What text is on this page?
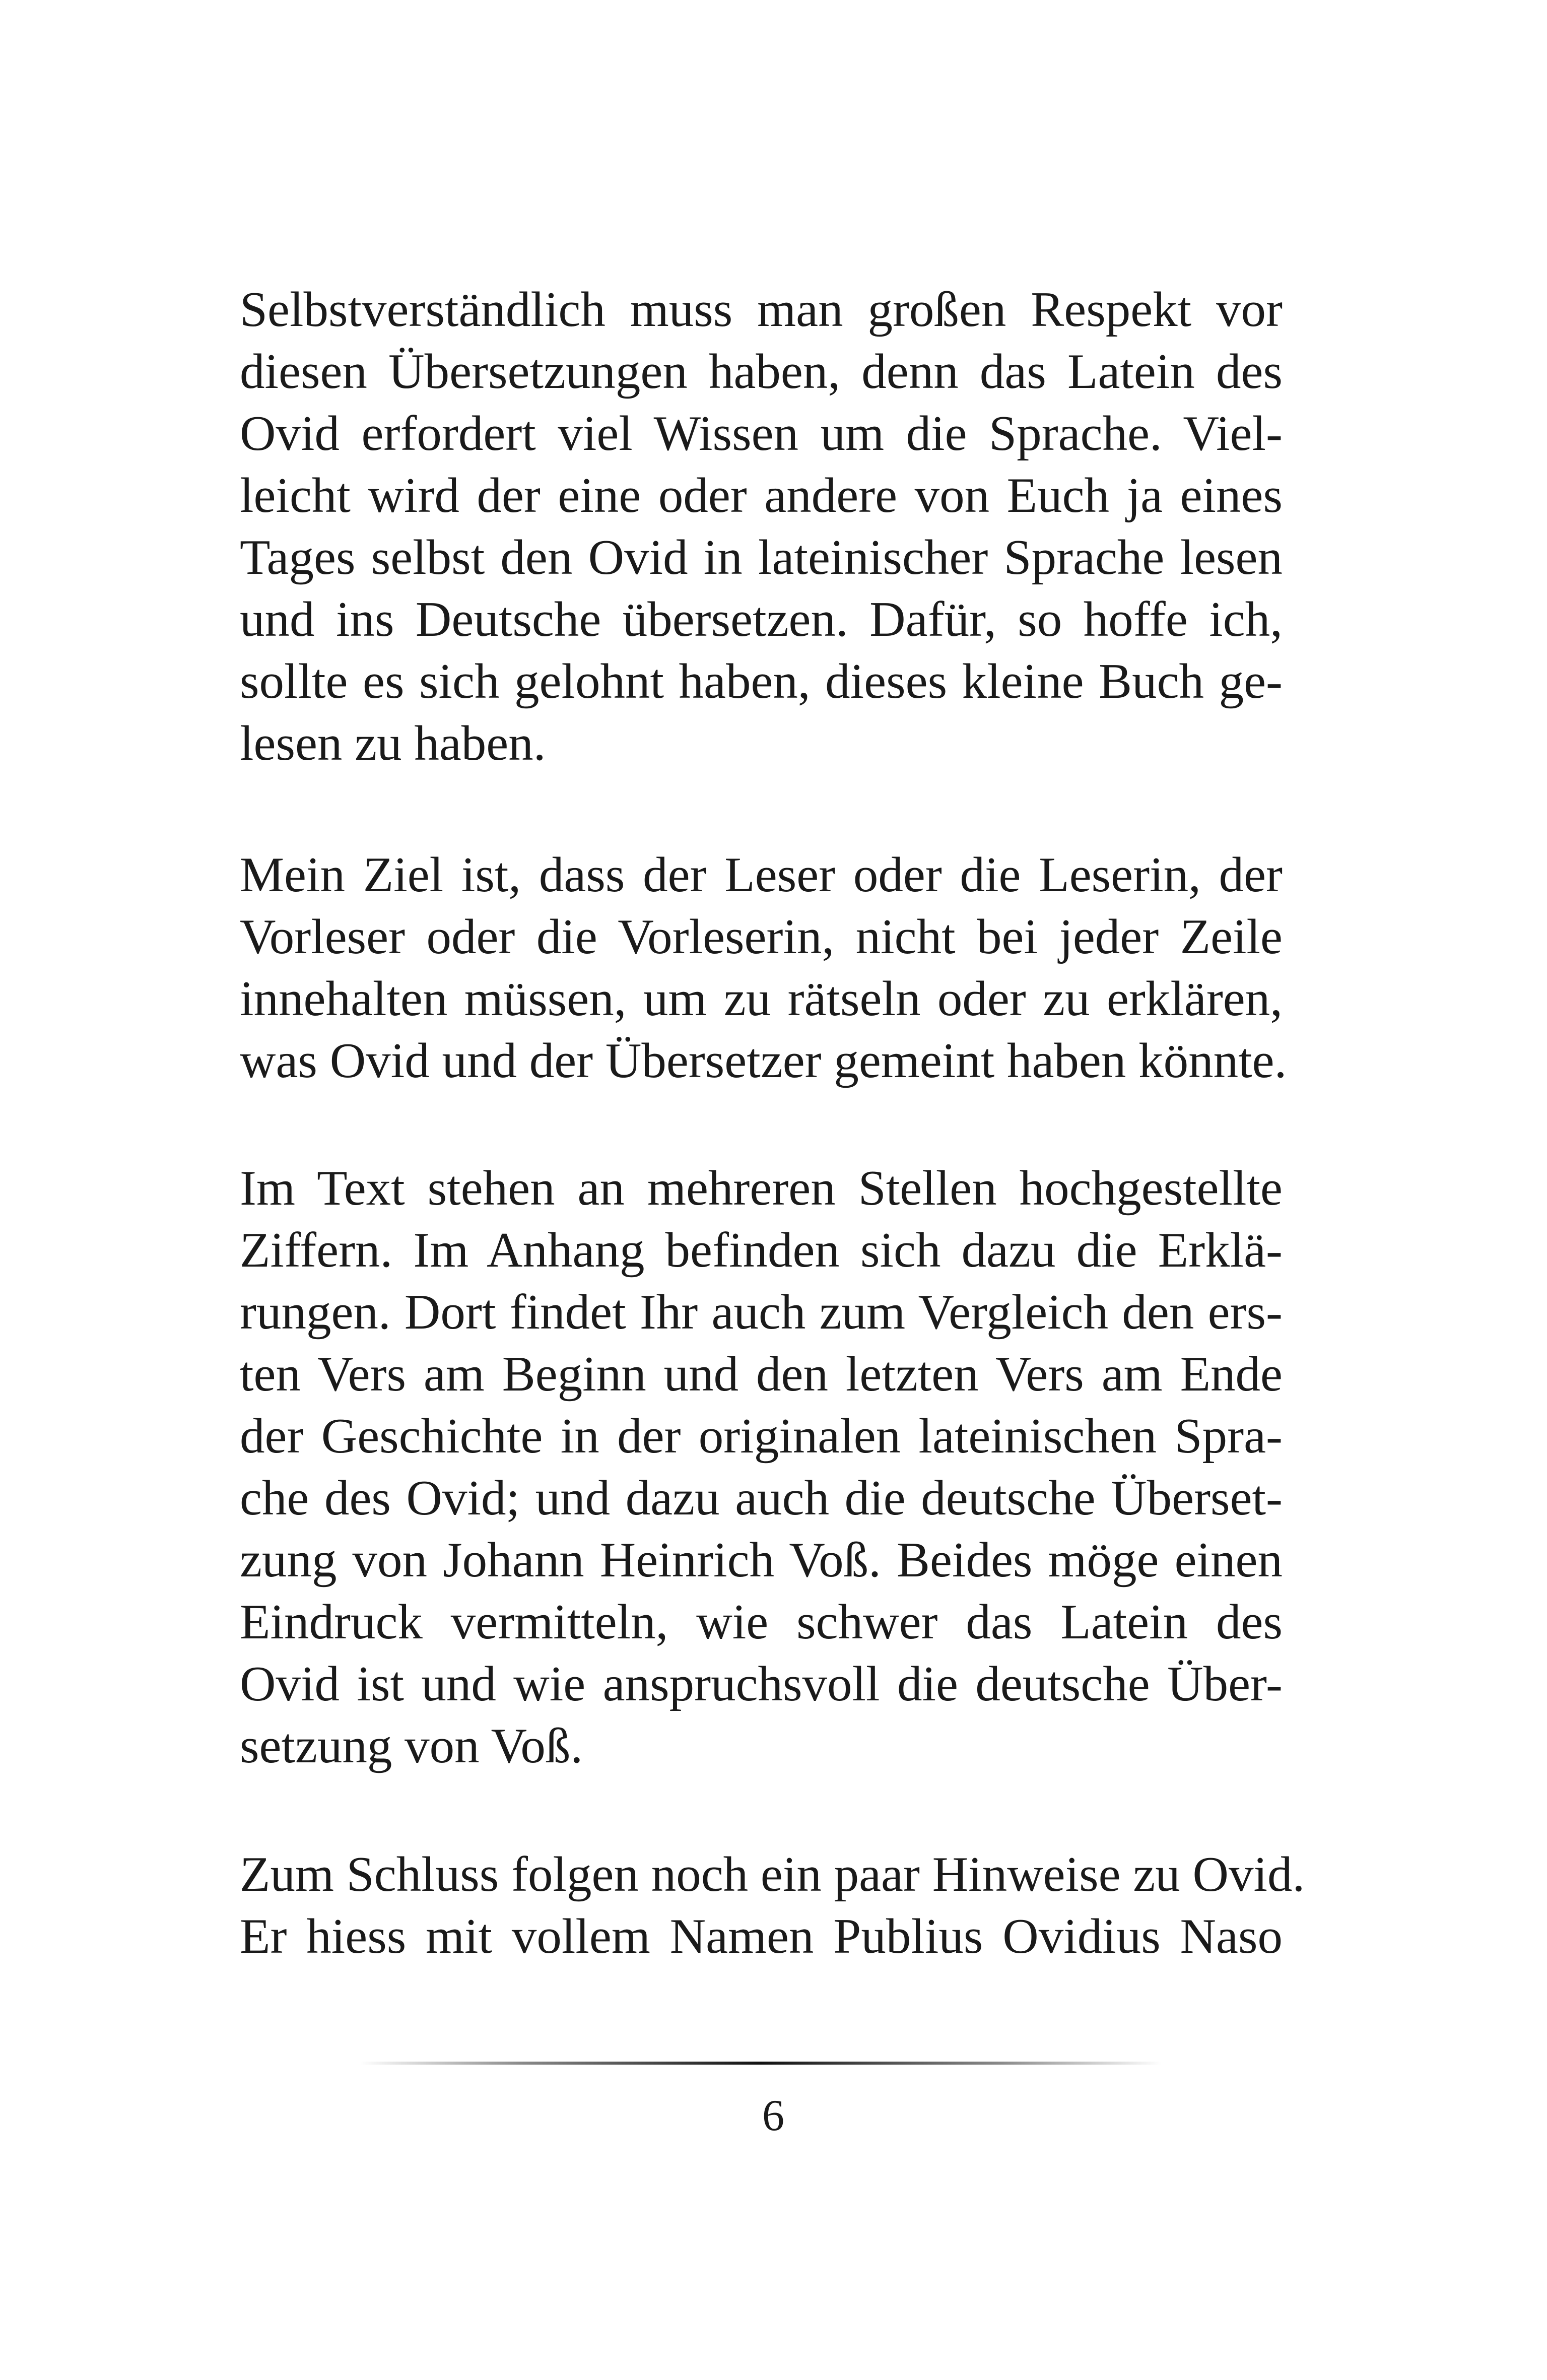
Selbstverständlich muss man großen Respekt vor
diesen Übersetzungen haben, denn das Latein des
Ovid erfordert viel Wissen um die Sprache. Viel-
leicht wird der eine oder andere von Euch ja eines
Tages selbst den Ovid in lateinischer Sprache lesen
und ins Deutsche übersetzen. Dafür, so hoffe ich,
sollte es sich gelohnt haben, dieses kleine Buch ge-
lesen zu haben.
Mein Ziel ist, dass der Leser oder die Leserin, der
Vorleser oder die Vorleserin, nicht bei jeder Zeile
innehalten müssen, um zu rätseln oder zu erklären,
was Ovid und der Übersetzer gemeint haben könnte.
Im Text stehen an mehreren Stellen hochgestellte
Ziffern. Im Anhang befinden sich dazu die Erklä-
rungen. Dort findet Ihr auch zum Vergleich den ers-
ten Vers am Beginn und den letzten Vers am Ende
der Geschichte in der originalen lateinischen Spra-
che des Ovid; und dazu auch die deutsche Überset-
zung von Johann Heinrich Voß. Beides möge einen
Eindruck vermitteln, wie schwer das Latein des
Ovid ist und wie anspruchsvoll die deutsche Über-
setzung von Voß.
Zum Schluss folgen noch ein paar Hinweise zu Ovid.
Er hiess mit vollem Namen Publius Ovidius Naso
6
